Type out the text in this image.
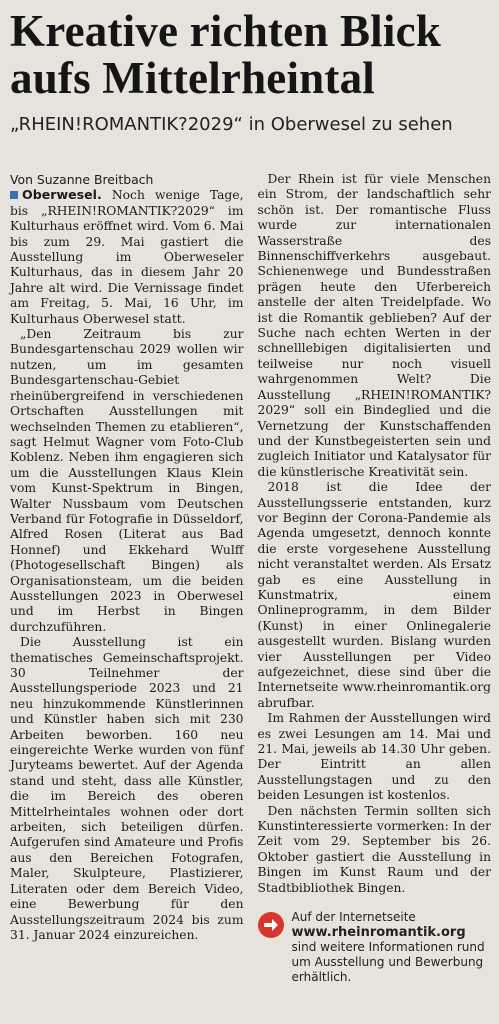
Kreative richten Blick
aufs Mittelrheintal

„RHEIN!ROMANTIK?2029“ in Oberwesel zu sehen

Von Suzanne Breitbach

Oberwesel. Noch wenige Tage, bis „RHEIN!ROMANTIK?2029“ im Kulturhaus eröffnet wird. Vom 6. Mai bis zum 29. Mai gastiert die Ausstellung im Oberweseler Kulturhaus, das in diesem Jahr 20 Jahre alt wird. Die Vernissage findet am Freitag, 5. Mai, 16 Uhr, im Kulturhaus Oberwesel statt.

„Den Zeitraum bis zur Bundesgartenschau 2029 wollen wir nutzen, um im gesamten Bundesgartenschau-Gebiet rheinübergreifend in verschiedenen Ortschaften Ausstellungen mit wechselnden Themen zu etablieren“, sagt Helmut Wagner vom Foto-Club Koblenz. Neben ihm engagieren sich um die Ausstellungen Klaus Klein vom Kunst-Spektrum in Bingen, Walter Nussbaum vom Deutschen Verband für Fotografie in Düsseldorf, Alfred Rosen (Literat aus Bad Honnef) und Ekkehard Wulff (Photogesellschaft Bingen) als Organisationsteam, um die beiden Ausstellungen 2023 in Oberwesel und im Herbst in Bingen durchzuführen.

Die Ausstellung ist ein thematisches Gemeinschaftsprojekt. 30 Teilnehmer der Ausstellungsperiode 2023 und 21 neu hinzukommende Künstlerinnen und Künstler haben sich mit 230 Arbeiten beworben. 160 neu eingereichte Werke wurden von fünf Juryteams bewertet. Auf der Agenda stand und steht, dass alle Künstler, die im Bereich des oberen Mittelrheintales wohnen oder dort arbeiten, sich beteiligen dürfen. Aufgerufen sind Amateure und Profis aus den Bereichen Fotografen, Maler, Skulpteure, Plastizierer, Literaten oder dem Bereich Video, eine Bewerbung für den Ausstellungszeitraum 2024 bis zum 31. Januar 2024 einzureichen.

Der Rhein ist für viele Menschen ein Strom, der landschaftlich sehr schön ist. Der romantische Fluss wurde zur internationalen Wasserstraße des Binnenschiffverkehrs ausgebaut. Schienenwege und Bundesstraßen prägen heute den Uferbereich anstelle der alten Treidelpfade. Wo ist die Romantik geblieben? Auf der Suche nach echten Werten in der schnelllebigen digitalisierten und teilweise nur noch visuell wahrgenommen Welt? Die Ausstellung „RHEIN!ROMANTIK?2029“ soll ein Bindeglied und die Vernetzung der Kunstschaffenden und der Kunstbegeisterten sein und zugleich Initiator und Katalysator für die künstlerische Kreativität sein.

2018 ist die Idee der Ausstellungsserie entstanden, kurz vor Beginn der Corona-Pandemie als Agenda umgesetzt, dennoch konnte die erste vorgesehene Ausstellung nicht veranstaltet werden. Als Ersatz gab es eine Ausstellung in Kunstmatrix, einem Onlineprogramm, in dem Bilder (Kunst) in einer Onlinegalerie ausgestellt wurden. Bislang wurden vier Ausstellungen per Video aufgezeichnet, diese sind über die Internetseite www.rheinromantik.org abrufbar.

Im Rahmen der Ausstellungen wird es zwei Lesungen am 14. Mai und 21. Mai, jeweils ab 14.30 Uhr geben. Der Eintritt an allen Ausstellungstagen und zu den beiden Lesungen ist kostenlos.

Den nächsten Termin sollten sich Kunstinteressierte vormerken: In der Zeit vom 29. September bis 26. Oktober gastiert die Ausstellung in Bingen im Kunst Raum und der Stadtbibliothek Bingen.

Auf der Internetseite
www.rheinromantik.org sind weitere Informationen rund um Ausstellung und Bewerbung erhältlich.
